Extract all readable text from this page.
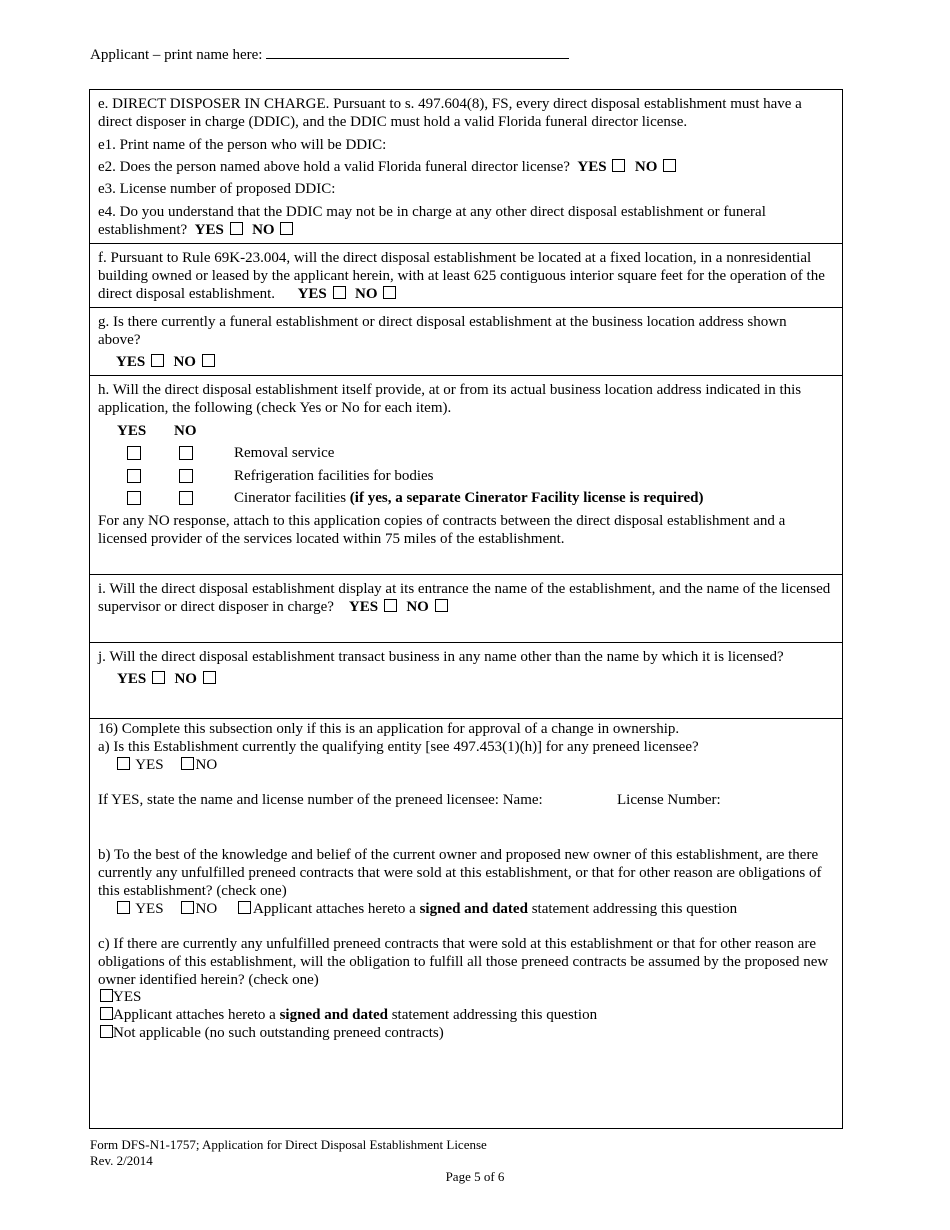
Applicant – print name here:
e. DIRECT DISPOSER IN CHARGE. Pursuant to s. 497.604(8), FS, every direct disposal establishment must have a direct disposer in charge (DDIC), and the DDIC must hold a valid Florida funeral director license.
e1. Print name of the person who will be DDIC:
e2. Does the person named above hold a valid Florida funeral director license? YES NO
e3. License number of proposed DDIC:
e4. Do you understand that the DDIC may not be in charge at any other direct disposal establishment or funeral establishment? YES NO
f. Pursuant to Rule 69K-23.004, will the direct disposal establishment be located at a fixed location, in a nonresidential building owned or leased by the applicant herein, with at least 625 contiguous interior square feet for the operation of the direct disposal establishment. YES NO
g. Is there currently a funeral establishment or direct disposal establishment at the business location address shown above?
YES NO
h. Will the direct disposal establishment itself provide, at or from its actual business location address indicated in this application, the following (check Yes or No for each item).
YES NO
Removal service
Refrigeration facilities for bodies
Cinerator facilities (if yes, a separate Cinerator Facility license is required)
For any NO response, attach to this application copies of contracts between the direct disposal establishment and a licensed provider of the services located within 75 miles of the establishment.
i. Will the direct disposal establishment display at its entrance the name of the establishment, and the name of the licensed supervisor or direct disposer in charge? YES NO
j. Will the direct disposal establishment transact business in any name other than the name by which it is licensed?
YES NO
16) Complete this subsection only if this is an application for approval of a change in ownership.
a) Is this Establishment currently the qualifying entity [see 497.453(1)(h)] for any preneed licensee?
YES NO
If YES, state the name and license number of the preneed licensee: Name:	License Number:
b) To the best of the knowledge and belief of the current owner and proposed new owner of this establishment, are there currently any unfulfilled preneed contracts that were sold at this establishment, or that for other reason are obligations of this establishment? (check one)
YES NO Applicant attaches hereto a signed and dated statement addressing this question
c) If there are currently any unfulfilled preneed contracts that were sold at this establishment or that for other reason are obligations of this establishment, will the obligation to fulfill all those preneed contracts be assumed by the proposed new owner identified herein? (check one)
YES
Applicant attaches hereto a signed and dated statement addressing this question
Not applicable (no such outstanding preneed contracts)
Form DFS-N1-1757; Application for Direct Disposal Establishment License
Rev. 2/2014
Page 5 of 6
